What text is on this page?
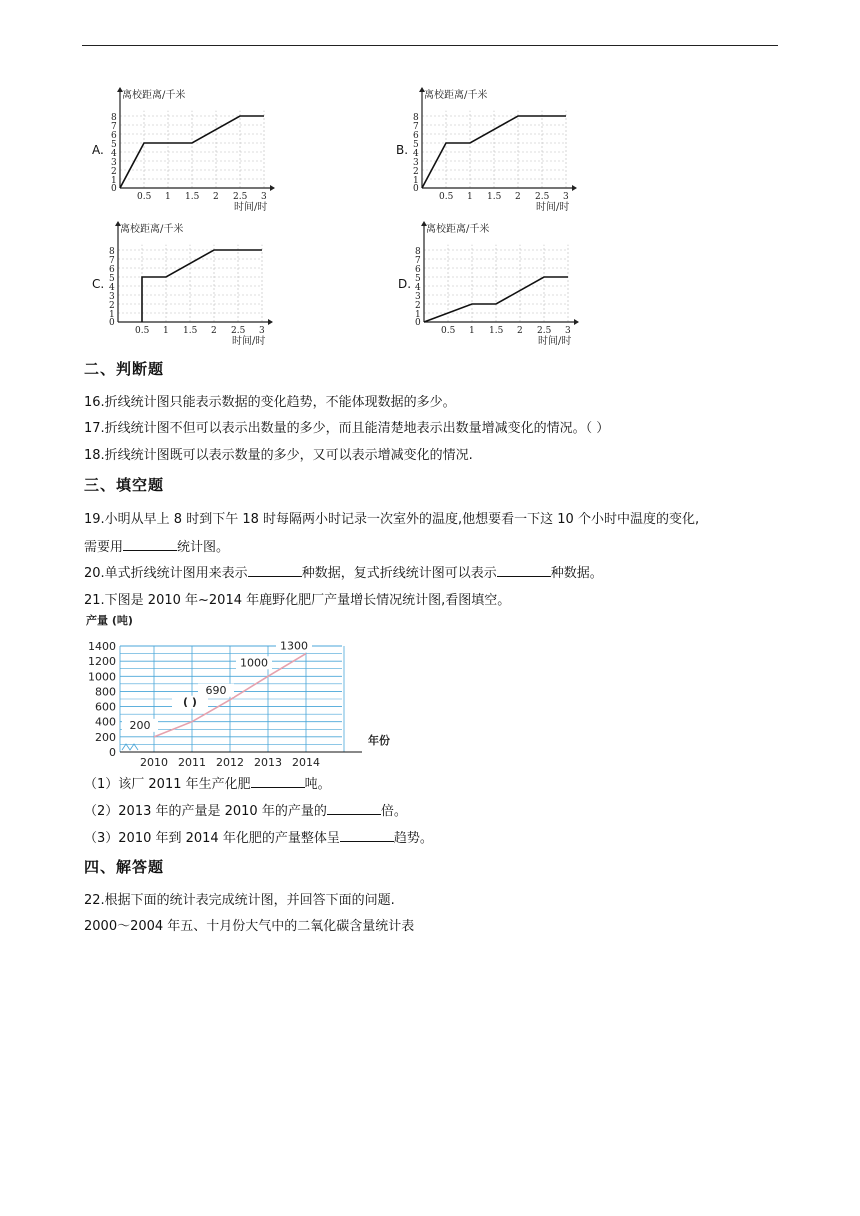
A.	B.
C.	D.
离校距离/千米
时间/时
8
7
6
5
4
3
2
1
0
0.5 1 1.5 2 2.5 3
离校距离/千米
时间/时
8
7
6
5
4
3
2
1
0
0.5 1 1.5 2 2.5 3
离校距离/千米
时间/时
8
7
6
5
4
3
2
1
0
0.5 1 1.5 2 2.5 3
离校距离/千米
时间/时
8
7
6
5
4
3
2
1
0
0.5 1 1.5 2 2.5 3
二、判断题
16.折线统计图只能表示数据的变化趋势，不能体现数据的多少。
17.折线统计图不但可以表示出数量的多少，而且能清楚地表示出数量增减变化的情况。（ ）
18.折线统计图既可以表示数量的多少，又可以表示增减变化的情况.
三、填空题
19.小明从早上 8 时到下午 18 时每隔两小时记录一次室外的温度,他想要看一下这 10 个小时中温度的变化,
需要用	统计图。
20.单式折线统计图用来表示	种数据，复式折线统计图可以表示	种数据。
21.下图是 2010 年~2014 年鹿野化肥厂产量增长情况统计图,看图填空。
产量 (吨)
年份
1400
1200
1000
800
600
400
200
0
2010 2011 2012 2013 2014
200
( )
690
1000
1300
（1）该厂 2011 年生产化肥	吨。
（2）2013 年的产量是 2010 年的产量的	倍。
（3）2010 年到 2014 年化肥的产量整体呈	趋势。
四、解答题
22.根据下面的统计表完成统计图，并回答下面的问题.
2000～2004 年五、十月份大气中的二氧化碳含量统计表
